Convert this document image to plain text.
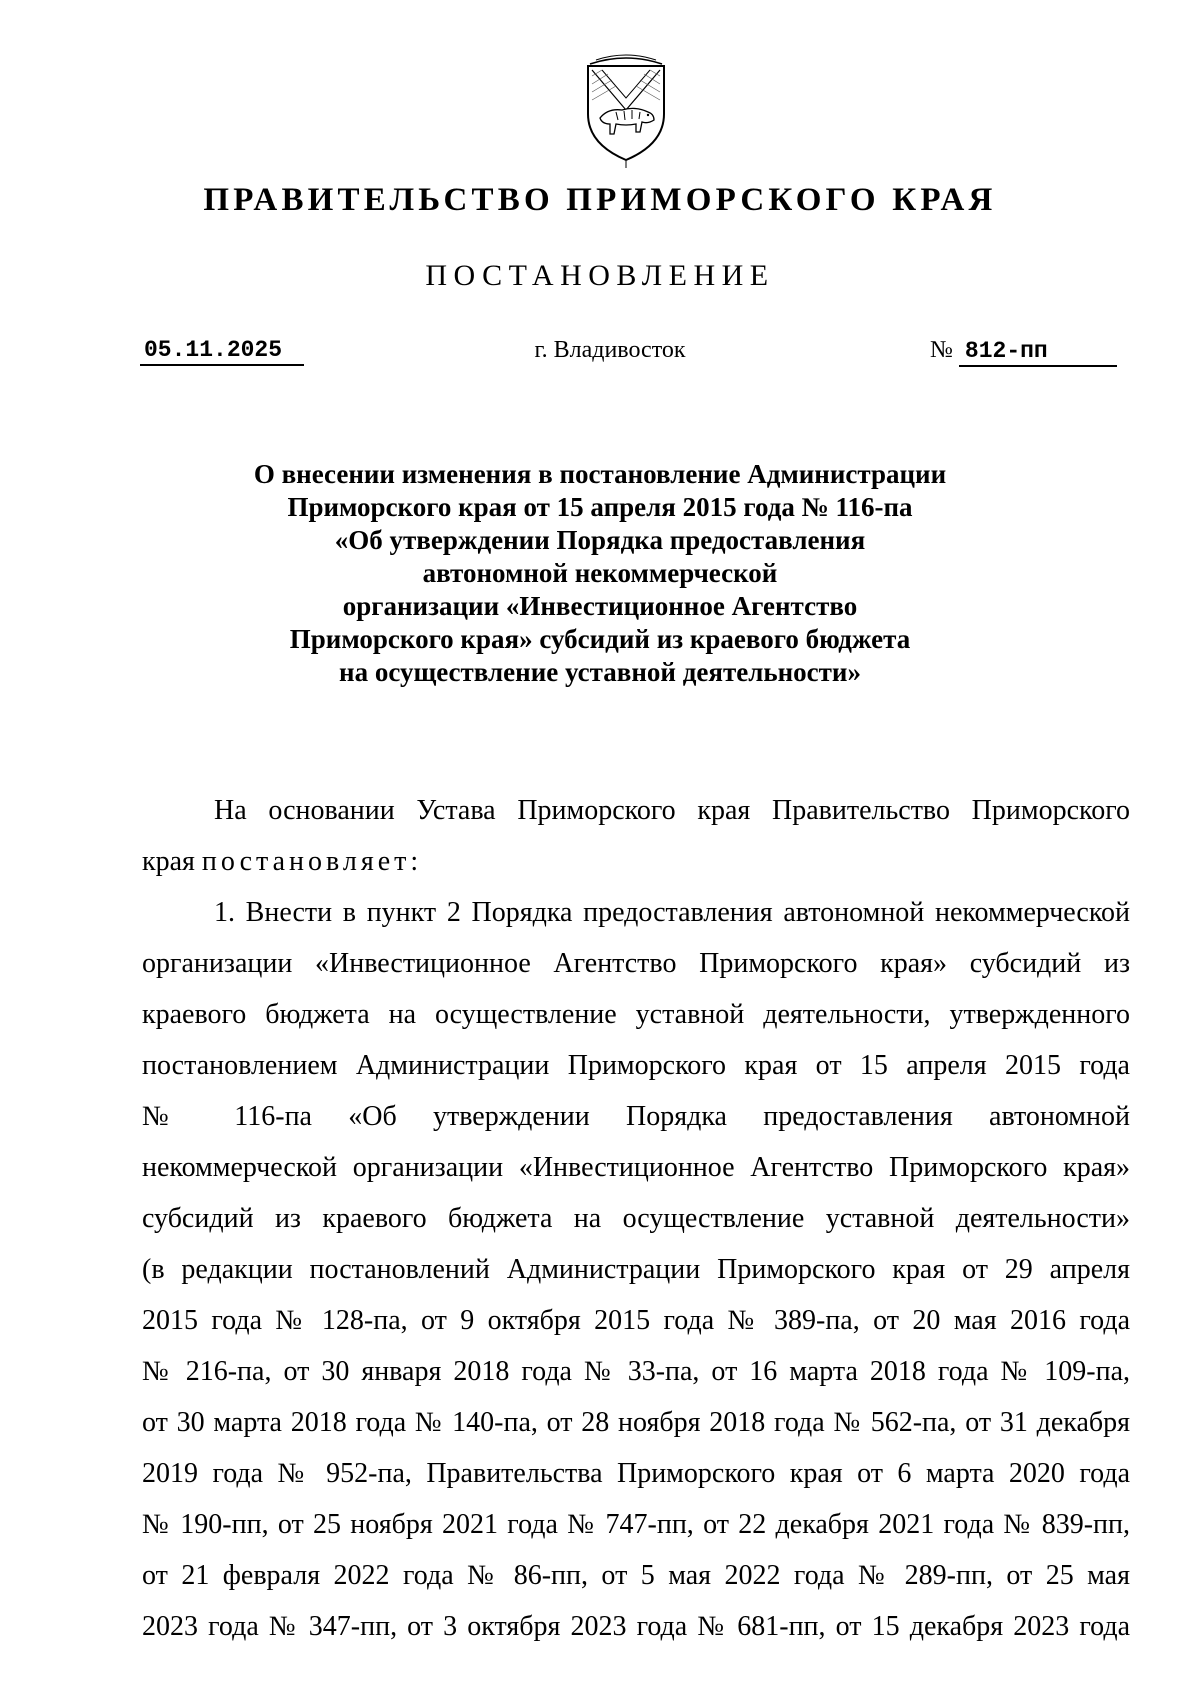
ПРАВИТЕЛЬСТВО ПРИМОРСКОГО КРАЯ
ПОСТАНОВЛЕНИЕ
05.11.2025	г. Владивосток	№ 812-пп
О внесении изменения в постановление Администрации
Приморского края от 15 апреля 2015 года № 116-па
«Об утверждении Порядка предоставления
автономной некоммерческой
организации «Инвестиционное Агентство
Приморского края» субсидий из краевого бюджета
на осуществление уставной деятельности»
На основании Устава Приморского края Правительство Приморского
края постановляет:
1. Внести в пункт 2 Порядка предоставления автономной некоммерческой
организации «Инвестиционное Агентство Приморского края» субсидий из
краевого бюджета на осуществление уставной деятельности, утвержденного
постановлением Администрации Приморского края от 15 апреля 2015 года
№ 116-па «Об утверждении Порядка предоставления автономной
некоммерческой организации «Инвестиционное Агентство Приморского края»
субсидий из краевого бюджета на осуществление уставной деятельности»
(в редакции постановлений Администрации Приморского края от 29 апреля
2015 года № 128-па, от 9 октября 2015 года № 389-па, от 20 мая 2016 года
№ 216-па, от 30 января 2018 года № 33-па, от 16 марта 2018 года № 109-па,
от 30 марта 2018 года № 140-па, от 28 ноября 2018 года № 562-па, от 31 декабря
2019 года № 952-па, Правительства Приморского края от 6 марта 2020 года
№ 190-пп, от 25 ноября 2021 года № 747-пп, от 22 декабря 2021 года № 839-пп,
от 21 февраля 2022 года № 86-пп, от 5 мая 2022 года № 289-пп, от 25 мая
2023 года № 347-пп, от 3 октября 2023 года № 681-пп, от 15 декабря 2023 года
